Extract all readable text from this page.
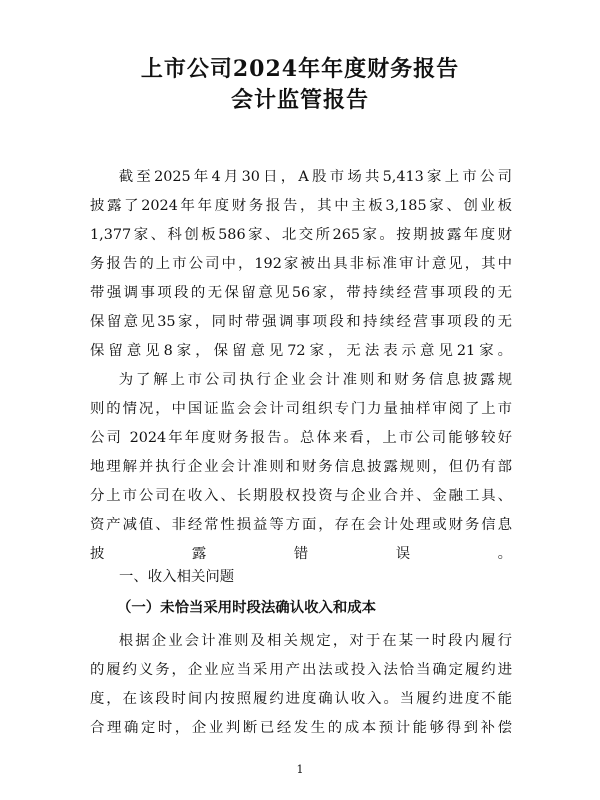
上市公司2024年年度财务报告
会计监管报告
截至2025年4月30日，A股市场共5,413家上市公司
披露了2024年年度财务报告，其中主板3,185家、创业板
1,377家、科创板586家、北交所265家。按期披露年度财
务报告的上市公司中，192家被出具非标准审计意见，其中
带强调事项段的无保留意见56家，带持续经营事项段的无
保留意见35家，同时带强调事项段和持续经营事项段的无
保留意见8家，保留意见72家，无法表示意见21家。
为了解上市公司执行企业会计准则和财务信息披露规
则的情况，中国证监会会计司组织专门力量抽样审阅了上市
公司 2024年年度财务报告。总体来看，上市公司能够较好
地理解并执行企业会计准则和财务信息披露规则，但仍有部
分上市公司在收入、长期股权投资与企业合并、金融工具、
资产减值、非经常性损益等方面，存在会计处理或财务信息
披露错误。
一、收入相关问题
（一）未恰当采用时段法确认收入和成本
根据企业会计准则及相关规定，对于在某一时段内履行
的履约义务，企业应当采用产出法或投入法恰当确定履约进
度，在该段时间内按照履约进度确认收入。当履约进度不能
合理确定时，企业判断已经发生的成本预计能够得到补偿
1
